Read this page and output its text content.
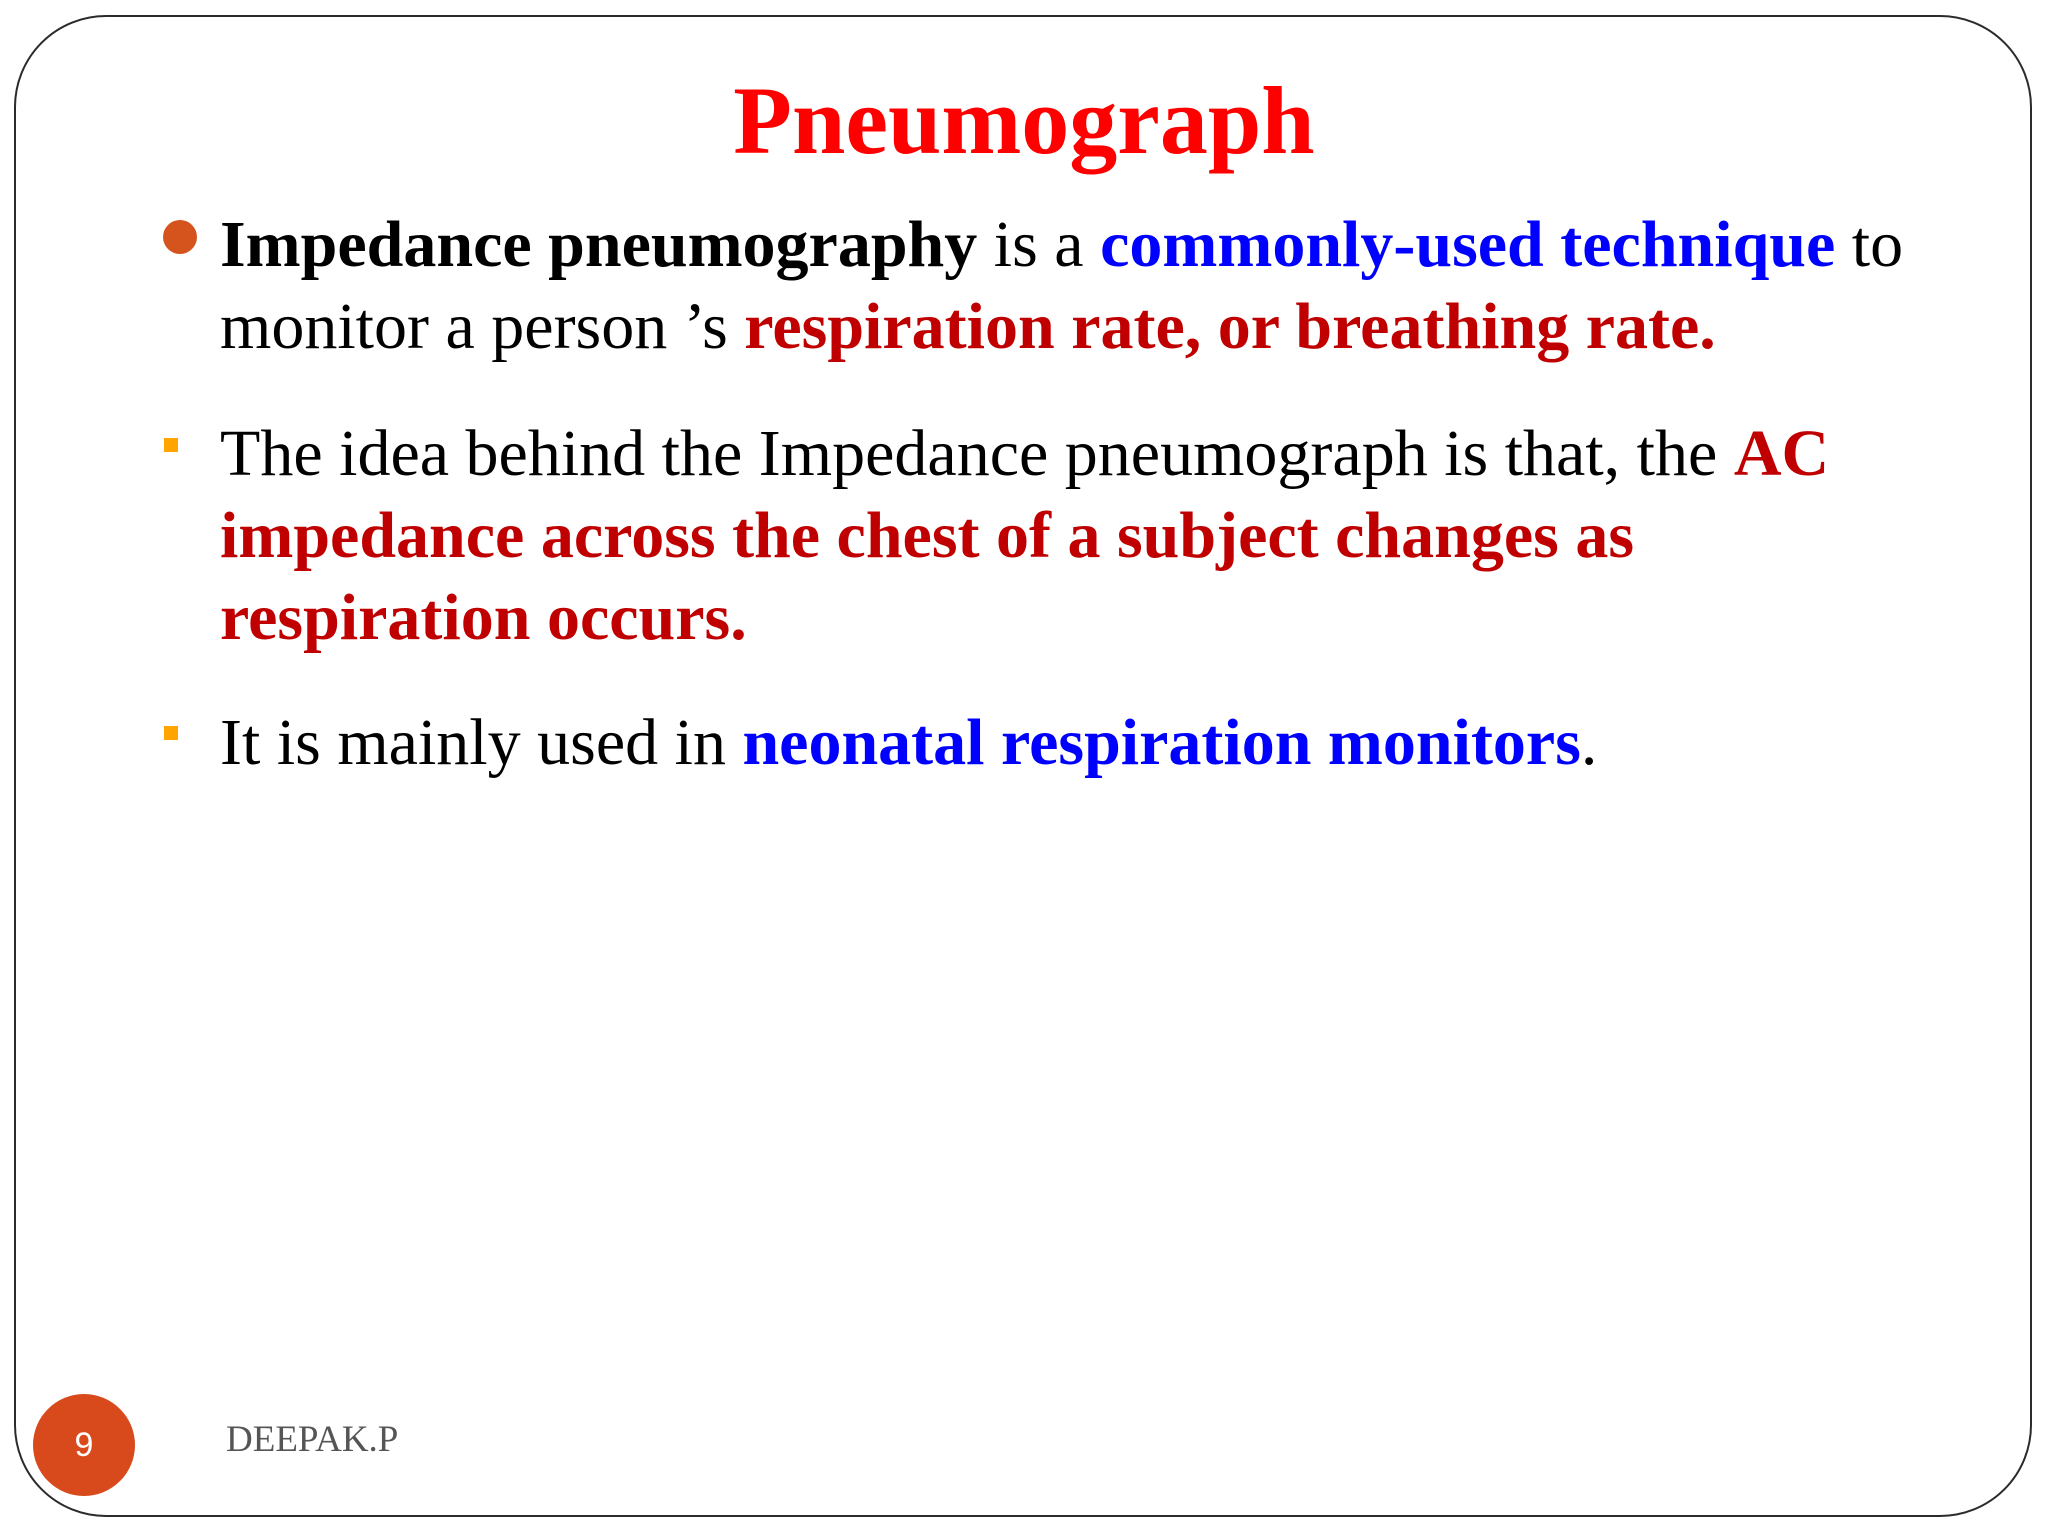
Pneumograph
Impedance pneumography is a commonly-used technique to monitor a person ’s respiration rate, or breathing rate.
The idea behind the Impedance pneumograph is that, the AC impedance across the chest of a subject changes as respiration occurs.
It is mainly used in neonatal respiration monitors.
9	DEEPAK.P
